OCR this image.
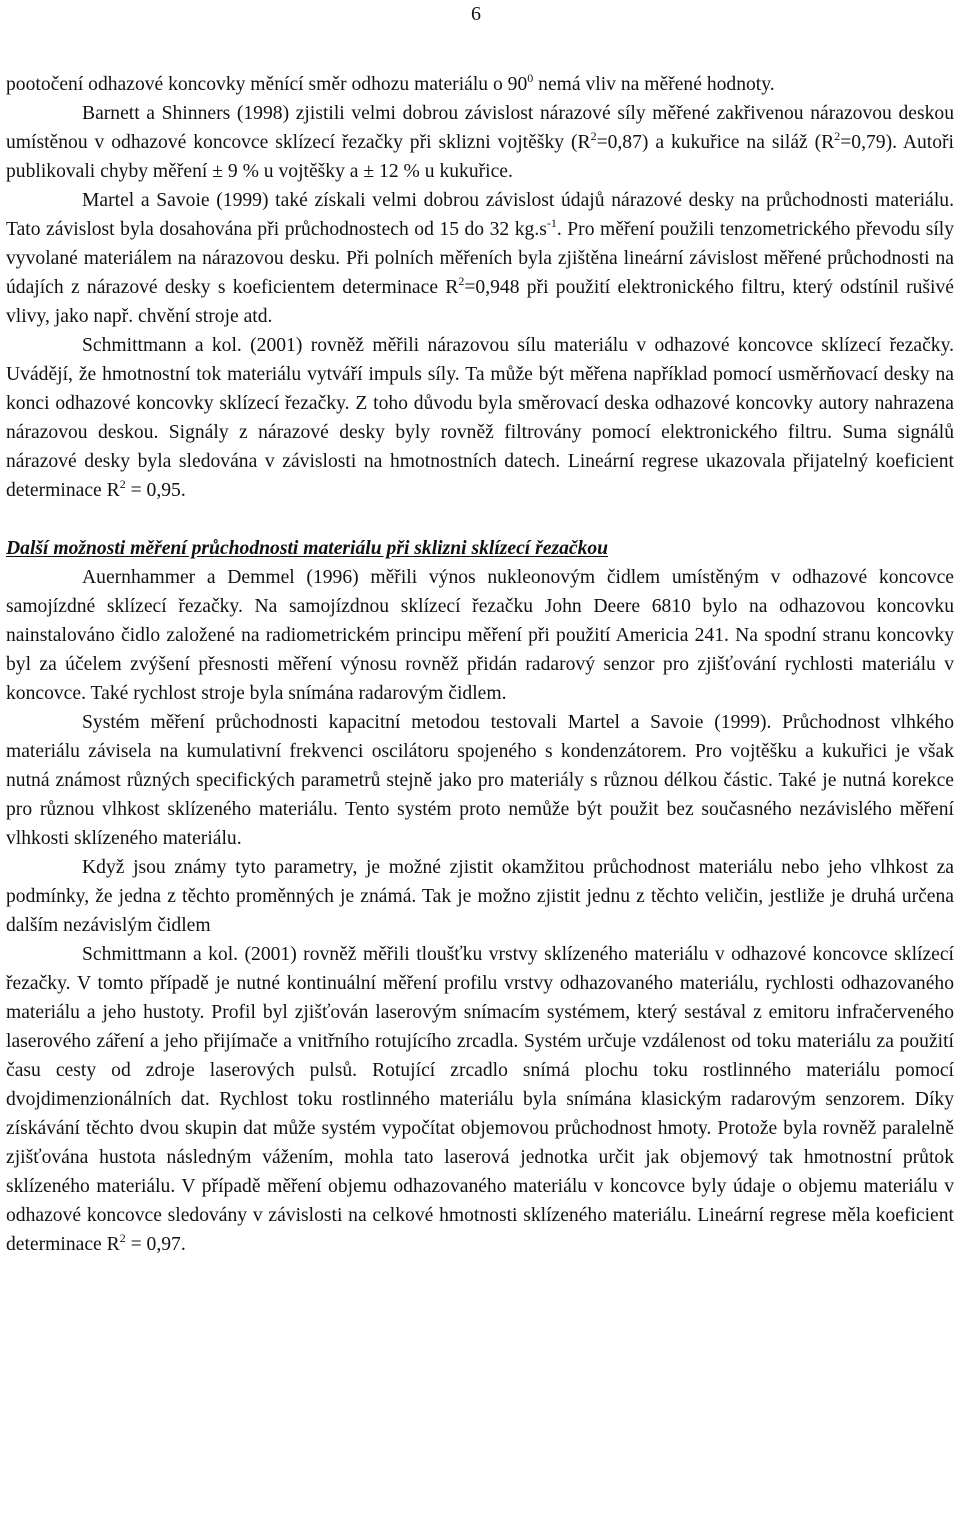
6

pootočení odhazové koncovky měnící směr odhozu materiálu o $90^0$ nemá vliv na měřené hodnoty.

Barnett a Shinners (1998) zjistili velmi dobrou závislost nárazové síly měřené zakřivenou nárazovou deskou umístěnou v odhazové koncovce sklízecí řezačky při sklizni vojtěšky $(R^2=0,87)$ a kukuřice na siláž $(R^2=0,79)$. Autoři publikovali chyby měření ± 9 % u vojtěšky a ± 12 % u kukuřice.

Martel a Savoie (1999) také získali velmi dobrou závislost údajů nárazové desky na průchodnosti materiálu. Tato závislost byla dosahována při průchodnostech od 15 do 32 $kg.s^{-1}$. Pro měření použili tenzometrického převodu síly vyvolané materiálem na nárazovou desku. Při polních měřeních byla zjištěna lineární závislost měřené průchodnosti na údajích z nárazové desky s koeficientem determinace $R^2=0,948$ při použití elektronického filtru, který odstínil rušivé vlivy, jako např. chvění stroje atd.

Schmittmann a kol. (2001) rovněž měřili nárazovou sílu materiálu v odhazové koncovce sklízecí řezačky. Uvádějí, že hmotnostní tok materiálu vytváří impuls síly. Ta může být měřena například pomocí usměrňovací desky na konci odhazové koncovky sklízecí řezačky. Z toho důvodu byla směrovací deska odhazové koncovky autory nahrazena nárazovou deskou. Signály z nárazové desky byly rovněž filtrovány pomocí elektronického filtru. Suma signálů nárazové desky byla sledována v závislosti na hmotnostních datech. Lineární regrese ukazovala přijatelný koeficient determinace $R^2 = 0,95$.

Další možnosti měření průchodnosti materiálu při sklizni sklízecí řezačkou

Auernhammer a Demmel (1996) měřili výnos nukleonovým čidlem umístěným v odhazové koncovce samojízdné sklízecí řezačky. Na samojízdnou sklízecí řezačku John Deere 6810 bylo na odhazovou koncovku nainstalováno čidlo založené na radiometrickém principu měření při použití Americia 241. Na spodní stranu koncovky byl za účelem zvýšení přesnosti měření výnosu rovněž přidán radarový senzor pro zjišťování rychlosti materiálu v koncovce. Také rychlost stroje byla snímána radarovým čidlem.

Systém měření průchodnosti kapacitní metodou testovali Martel a Savoie (1999). Průchodnost vlhkého materiálu závisela na kumulativní frekvenci oscilátoru spojeného s kondenzátorem. Pro vojtěšku a kukuřici je však nutná známost různých specifických parametrů stejně jako pro materiály s různou délkou částic. Také je nutná korekce pro různou vlhkost sklízeného materiálu. Tento systém proto nemůže být použit bez současného nezávislého měření vlhkosti sklízeného materiálu.

Když jsou známy tyto parametry, je možné zjistit okamžitou průchodnost materiálu nebo jeho vlhkost za podmínky, že jedna z těchto proměnných je známá. Tak je možno zjistit jednu z těchto veličin, jestliže je druhá určena dalším nezávislým čidlem

Schmittmann a kol. (2001) rovněž měřili tloušťku vrstvy sklízeného materiálu v odhazové koncovce sklízecí řezačky. V tomto případě je nutné kontinuální měření profilu vrstvy odhazovaného materiálu, rychlosti odhazovaného materiálu a jeho hustoty. Profil byl zjišťován laserovým snímacím systémem, který sestával z emitoru infračerveného laserového záření a jeho přijímače a vnitřního rotujícího zrcadla. Systém určuje vzdálenost od toku materiálu za použití času cesty od zdroje laserových pulsů. Rotující zrcadlo snímá plochu toku rostlinného materiálu pomocí dvojdimenzionálních dat. Rychlost toku rostlinného materiálu byla snímána klasickým radarovým senzorem. Díky získávání těchto dvou skupin dat může systém vypočítat objemovou průchodnost hmoty. Protože byla rovněž paralelně zjišťována hustota následným vážením, mohla tato laserová jednotka určit jak objemový tak hmotnostní průtok sklízeného materiálu. V případě měření objemu odhazovaného materiálu v koncovce byly údaje o objemu materiálu v odhazové koncovce sledovány v závislosti na celkové hmotnosti sklízeného materiálu. Lineární regrese měla koeficient determinace $R^2 = 0,97$.
